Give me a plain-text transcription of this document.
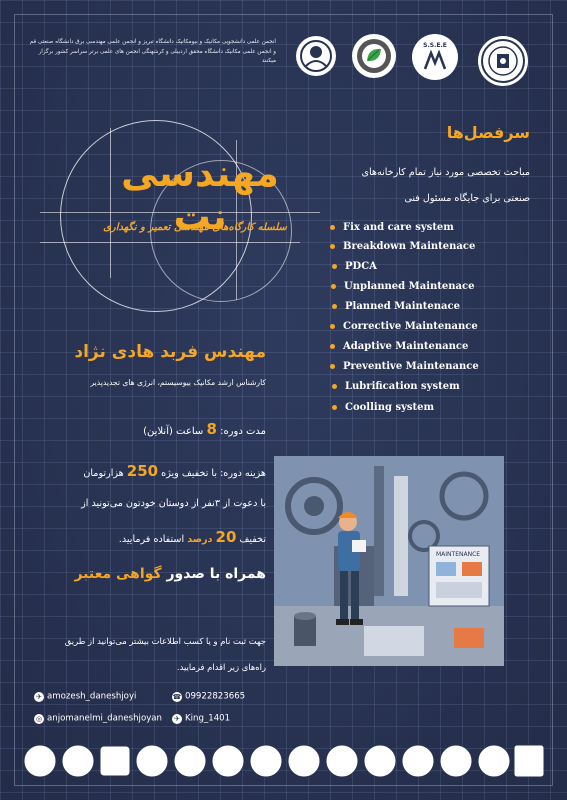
S.S.E.E
انجمن علمی دانشجویی مکانیک و بیومکانیک دانشگاه تبریز و انجمن علمی مهندسی برق دانشگاه صنعتی قم و انجمن علمی مکانیک دانشگاه محقق اردبیلی و کرشهنگی انجمن های علمی برتر سراسر کشور برگزار میکنند
مهندسی نت
سلسله کارگاه‌های مهندسی تعمیر و نگهداری
سرفصل‌ها
مباحث تخصصی مورد نیاز تمام کارخانه‌های
صنعتی برای جایگاه مسئول فنی
Fix and care system
Breakdown Maintenace
PDCA
Unplanned Maintenace
Planned Maintenace
Corrective Maintenance
Adaptive Maintenance
Preventive Maintenance
Lubrification system
Coolling system
مهندس فربد هادی نژاد
کارشناس ارشد مکانیک بیوسیستم، انرژی های تجدیدپذیر
مدت دوره: 8 ساعت (آنلاین)
هزینه دوره: با تخفیف ویژه 250 هزارتومان
با دعوت از ۳نفر از دوستان خودتون می‌تونید از
تخفیف 20 درصد استفاده فرمایید.
همراه با صدور گواهی معتبر
جهت ثبت نام و یا کسب اطلاعات بیشتر می‌توانید از طریق
راه‌های زیر اقدام فرمایید.
MAINTENANCE
✈ amozesh_daneshjoyi	☎ 09922823665
◎ anjomanelmi_daneshjoyan ✈ King_1401
